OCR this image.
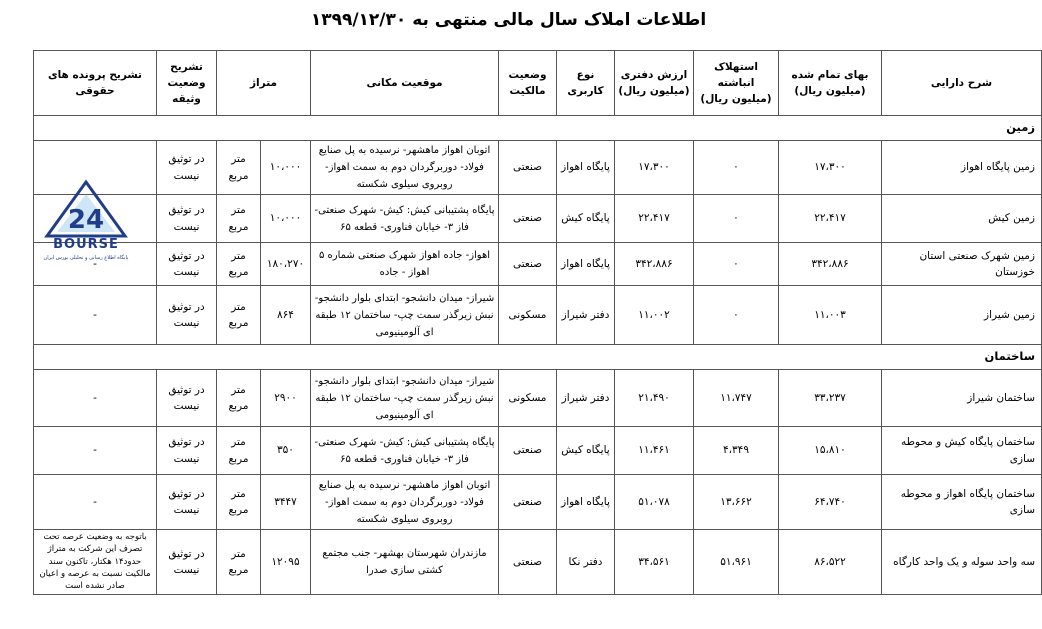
اطلاعات املاک سال مالی منتهی به ۱۳۹۹/۱۲/۳۰
شرح دارایی	بهای تمام شده (میلیون ریال)	استهلاک انباشته (میلیون ریال)	ارزش دفتری (میلیون ریال)	نوع کاربری	وضعیت مالکیت	موقعیت مکانی	متراژ		تشریح وضعیت وثیقه	تشریح پرونده های حقوقی
زمین										
زمین پایگاه اهواز	۱۷،۳۰۰	۰	۱۷،۳۰۰	پایگاه اهواز	صنعتی	اتوبان اهواز ماهشهر- نرسیده به پل صنایع فولاد- دوربرگردان دوم به سمت اهواز- روبروی سیلوی شکسته	۱۰،۰۰۰	متر مربع	در توثیق نیست	
زمین کیش	۲۲،۴۱۷	۰	۲۲،۴۱۷	پایگاه کیش	صنعتی	پایگاه پشتیبانی کیش: کیش- شهرک صنعتی- فاز ۳- خیابان فناوری- قطعه ۶۵	۱۰،۰۰۰	متر مربع	در توثیق نیست	
زمین شهرک صنعتی استان خوزستان	۳۴۲،۸۸۶	۰	۳۴۲،۸۸۶	پایگاه اهواز	صنعتی	اهواز- جاده اهواز شهرک صنعتی شماره ۵ اهواز - جاده	۱۸۰،۲۷۰	متر مربع	در توثیق نیست	-
زمین شیراز	۱۱،۰۰۳	۰	۱۱،۰۰۲	دفتر شیراز	مسکونی	شیراز- میدان دانشجو- ابتدای بلوار دانشجو- نبش زیرگذر سمت چپ- ساختمان ۱۲ طبقه ای آلومینیومی	۸۶۴	متر مربع	در توثیق نیست	-
ساختمان										
ساختمان شیراز	۳۳،۲۳۷	۱۱،۷۴۷	۲۱،۴۹۰	دفتر شیراز	مسکونی	شیراز- میدان دانشجو- ابتدای بلوار دانشجو- نبش زیرگذر سمت چپ- ساختمان ۱۲ طبقه ای آلومینیومی	۲۹۰۰	متر مربع	در توثیق نیست	-
ساختمان پایگاه کیش و محوطه سازی	۱۵،۸۱۰	۴،۳۴۹	۱۱،۴۶۱	پایگاه کیش	صنعتی	پایگاه پشتیبانی کیش: کیش- شهرک صنعتی- فاز ۳- خیابان فناوری- قطعه ۶۵	۳۵۰	متر مربع	در توثیق نیست	-
ساختمان پایگاه اهواز و محوطه سازی	۶۴،۷۴۰	۱۳،۶۶۲	۵۱،۰۷۸	پایگاه اهواز	صنعتی	اتوبان اهواز ماهشهر- نرسیده به پل صنایع فولاد- دوربرگردان دوم به سمت اهواز- روبروی سیلوی شکسته	۳۴۴۷	متر مربع	در توثیق نیست	-
سه واحد سوله و یک واحد کارگاه	۸۶،۵۲۲	۵۱،۹۶۱	۳۴،۵۶۱	دفتر نکا	صنعتی	مازندران شهرستان بهشهر- جنب مجتمع کشتی سازی صدرا	۱۲۰۹۵	متر مربع	در توثیق نیست	باتوجه به وضعیت عرصه تحت تصرف این شرکت به متراژ حدود۱۴ هکتار، تاکنون سند مالکیت نسبت به عرصه و اعیان صادر نشده است
24
BOURSE
پایگاه اطلاع رسانی و تحلیلی بورس ایران
